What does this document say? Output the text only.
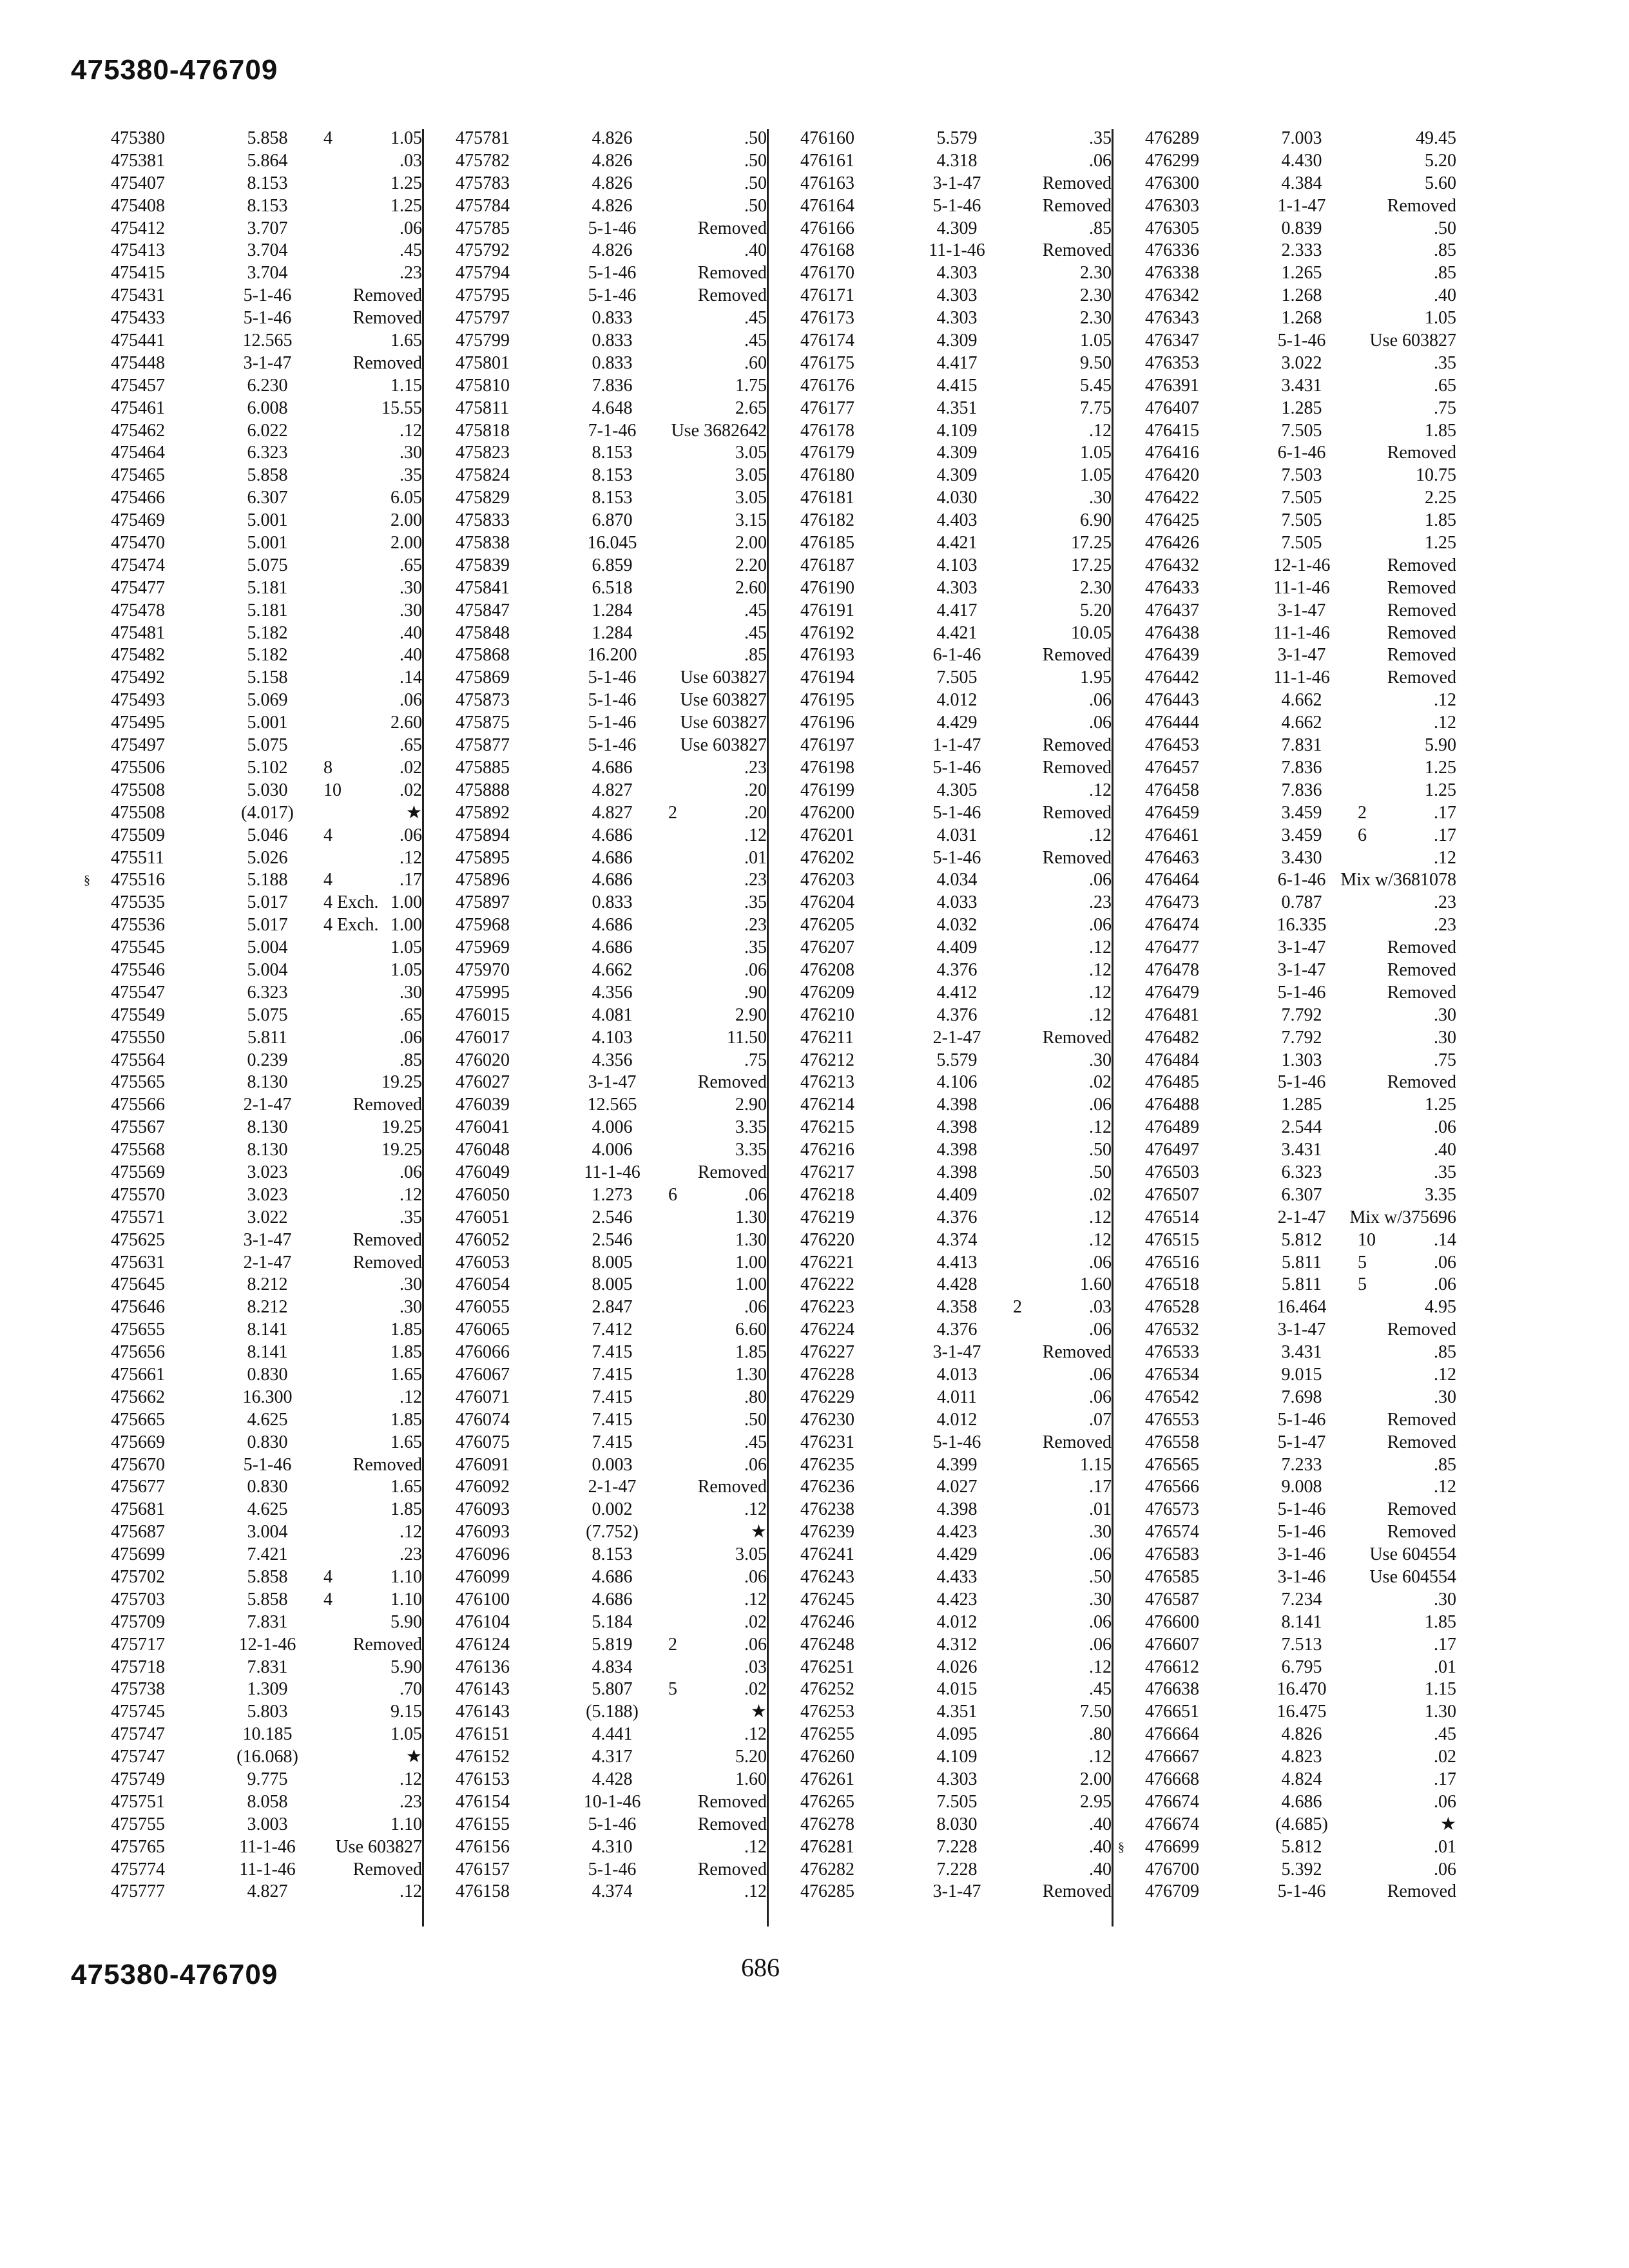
475380-476709
475380	5.858	4	1.05
475381	5.864	.03
475407	8.153	1.25
475408	8.153	1.25
475412	3.707	.06
475413	3.704	.45
475415	3.704	.23
475431	5-1-46	Removed
475433	5-1-46	Removed
475441	12.565	1.65
475448	3-1-47	Removed
475457	6.230	1.15
475461	6.008	15.55
475462	6.022	.12
475464	6.323	.30
475465	5.858	.35
475466	6.307	6.05
475469	5.001	2.00
475470	5.001	2.00
475474	5.075	.65
475477	5.181	.30
475478	5.181	.30
475481	5.182	.40
475482	5.182	.40
475492	5.158	.14
475493	5.069	.06
475495	5.001	2.60
475497	5.075	.65
475506	5.102	8	.02
475508	5.030	10	.02
475508	(4.017)	★
475509	5.046	4	.06
475511	5.026	.12
§ 475516	5.188	4	.17
475535	5.017	4 Exch. 1.00
475536	5.017	4 Exch. 1.00
475545	5.004	1.05
475546	5.004	1.05
475547	6.323	.30
475549	5.075	.65
475550	5.811	.06
475564	0.239	.85
475565	8.130	19.25
475566	2-1-47	Removed
475567	8.130	19.25
475568	8.130	19.25
475569	3.023	.06
475570	3.023	.12
475571	3.022	.35
475625	3-1-47	Removed
475631	2-1-47	Removed
475645	8.212	.30
475646	8.212	.30
475655	8.141	1.85
475656	8.141	1.85
475661	0.830	1.65
475662	16.300	.12
475665	4.625	1.85
475669	0.830	1.65
475670	5-1-46	Removed
475677	0.830	1.65
475681	4.625	1.85
475687	3.004	.12
475699	7.421	.23
475702	5.858	4	1.10
475703	5.858	4	1.10
475709	7.831	5.90
475717	12-1-46	Removed
475718	7.831	5.90
475738	1.309	.70
475745	5.803	9.15
475747	10.185	1.05
475747	(16.068)	★
475749	9.775	.12
475751	8.058	.23
475755	3.003	1.10
475765	11-1-46	Use 603827
475774	11-1-46	Removed
475777	4.827	.12
475781	4.826	.50
475782	4.826	.50
475783	4.826	.50
475784	4.826	.50
475785	5-1-46	Removed
475792	4.826	.40
475794	5-1-46	Removed
475795	5-1-46	Removed
475797	0.833	.45
475799	0.833	.45
475801	0.833	.60
475810	7.836	1.75
475811	4.648	2.65
475818	7-1-46	Use 3682642
475823	8.153	3.05
475824	8.153	3.05
475829	8.153	3.05
475833	6.870	3.15
475838	16.045	2.00
475839	6.859	2.20
475841	6.518	2.60
475847	1.284	.45
475848	1.284	.45
475868	16.200	.85
475869	5-1-46	Use 603827
475873	5-1-46	Use 603827
475875	5-1-46	Use 603827
475877	5-1-46	Use 603827
475885	4.686	.23
475888	4.827	.20
475892	4.827	2	.20
475894	4.686	.12
475895	4.686	.01
475896	4.686	.23
475897	0.833	.35
475968	4.686	.23
475969	4.686	.35
475970	4.662	.06
475995	4.356	.90
476015	4.081	2.90
476017	4.103	11.50
476020	4.356	.75
476027	3-1-47	Removed
476039	12.565	2.90
476041	4.006	3.35
476048	4.006	3.35
476049	11-1-46	Removed
476050	1.273	6	.06
476051	2.546	1.30
476052	2.546	1.30
476053	8.005	1.00
476054	8.005	1.00
476055	2.847	.06
476065	7.412	6.60
476066	7.415	1.85
476067	7.415	1.30
476071	7.415	.80
476074	7.415	.50
476075	7.415	.45
476091	0.003	.06
476092	2-1-47	Removed
476093	0.002	.12
476093	(7.752)	★
476096	8.153	3.05
476099	4.686	.06
476100	4.686	.12
476104	5.184	.02
476124	5.819	2	.06
476136	4.834	.03
476143	5.807	5	.02
476143	(5.188)	★
476151	4.441	.12
476152	4.317	5.20
476153	4.428	1.60
476154	10-1-46	Removed
476155	5-1-46	Removed
476156	4.310	.12
476157	5-1-46	Removed
476158	4.374	.12
476160	5.579	.35
476161	4.318	.06
476163	3-1-47	Removed
476164	5-1-46	Removed
476166	4.309	.85
476168	11-1-46	Removed
476170	4.303	2.30
476171	4.303	2.30
476173	4.303	2.30
476174	4.309	1.05
476175	4.417	9.50
476176	4.415	5.45
476177	4.351	7.75
476178	4.109	.12
476179	4.309	1.05
476180	4.309	1.05
476181	4.030	.30
476182	4.403	6.90
476185	4.421	17.25
476187	4.103	17.25
476190	4.303	2.30
476191	4.417	5.20
476192	4.421	10.05
476193	6-1-46	Removed
476194	7.505	1.95
476195	4.012	.06
476196	4.429	.06
476197	1-1-47	Removed
476198	5-1-46	Removed
476199	4.305	.12
476200	5-1-46	Removed
476201	4.031	.12
476202	5-1-46	Removed
476203	4.034	.06
476204	4.033	.23
476205	4.032	.06
476207	4.409	.12
476208	4.376	.12
476209	4.412	.12
476210	4.376	.12
476211	2-1-47	Removed
476212	5.579	.30
476213	4.106	.02
476214	4.398	.06
476215	4.398	.12
476216	4.398	.50
476217	4.398	.50
476218	4.409	.02
476219	4.376	.12
476220	4.374	.12
476221	4.413	.06
476222	4.428	1.60
476223	4.358	2	.03
476224	4.376	.06
476227	3-1-47	Removed
476228	4.013	.06
476229	4.011	.06
476230	4.012	.07
476231	5-1-46	Removed
476235	4.399	1.15
476236	4.027	.17
476238	4.398	.01
476239	4.423	.30
476241	4.429	.06
476243	4.433	.50
476245	4.423	.30
476246	4.012	.06
476248	4.312	.06
476251	4.026	.12
476252	4.015	.45
476253	4.351	7.50
476255	4.095	.80
476260	4.109	.12
476261	4.303	2.00
476265	7.505	2.95
476278	8.030	.40
476281	7.228	.40
476282	7.228	.40
476285	3-1-47	Removed
476289	7.003	49.45
476299	4.430	5.20
476300	4.384	5.60
476303	1-1-47	Removed
476305	0.839	.50
476336	2.333	.85
476338	1.265	.85
476342	1.268	.40
476343	1.268	1.05
476347	5-1-46	Use 603827
476353	3.022	.35
476391	3.431	.65
476407	1.285	.75
476415	7.505	1.85
476416	6-1-46	Removed
476420	7.503	10.75
476422	7.505	2.25
476425	7.505	1.85
476426	7.505	1.25
476432	12-1-46	Removed
476433	11-1-46	Removed
476437	3-1-47	Removed
476438	11-1-46	Removed
476439	3-1-47	Removed
476442	11-1-46	Removed
476443	4.662	.12
476444	4.662	.12
476453	7.831	5.90
476457	7.836	1.25
476458	7.836	1.25
476459	3.459	2	.17
476461	3.459	6	.17
476463	3.430	.12
476464	6-1-46 Mix w/3681078
476473	0.787	.23
476474	16.335	.23
476477	3-1-47	Removed
476478	3-1-47	Removed
476479	5-1-46	Removed
476481	7.792	.30
476482	7.792	.30
476484	1.303	.75
476485	5-1-46	Removed
476488	1.285	1.25
476489	2.544	.06
476497	3.431	.40
476503	6.323	.35
476507	6.307	3.35
476514	2-1-47	Mix w/375696
476515	5.812	10	.14
476516	5.811	5	.06
476518	5.811	5	.06
476528	16.464	4.95
476532	3-1-47	Removed
476533	3.431	.85
476534	9.015	.12
476542	7.698	.30
476553	5-1-46	Removed
476558	5-1-47	Removed
476565	7.233	.85
476566	9.008	.12
476573	5-1-46	Removed
476574	5-1-46	Removed
476583	3-1-46	Use 604554
476585	3-1-46	Use 604554
476587	7.234	.30
476600	8.141	1.85
476607	7.513	.17
476612	6.795	.01
476638	16.470	1.15
476651	16.475	1.30
476664	4.826	.45
476667	4.823	.02
476668	4.824	.17
476674	4.686	.06
476674	(4.685)	★
§ 476699	5.812	.01
476700	5.392	.06
476709	5-1-46	Removed
475380-476709	686
